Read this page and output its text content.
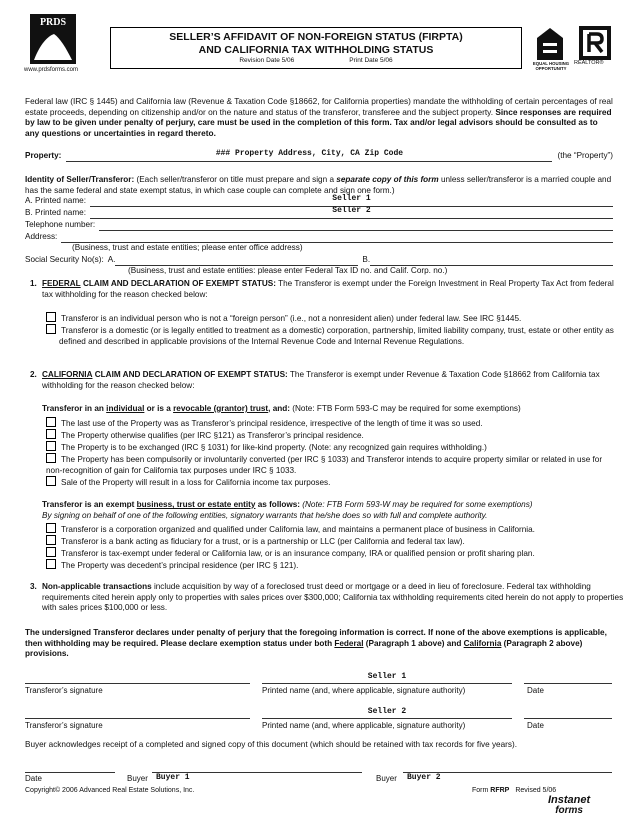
PRDS
www.prdsforms.com
SELLER’S AFFIDAVIT OF NON-FOREIGN STATUS (FIRPTA)
AND CALIFORNIA TAX WITHHOLDING STATUS
Revision Date 5/06	Print Date 5/06	EQUAL HOUSING OPPORTUNITY
REALTOR®
Federal law (IRC § 1445) and California law (Revenue & Taxation Code §18662, for California properties) mandate the withholding of certain percentages of real estate proceeds, depending on citizenship and/or on the nature and status of the transferor, transferee and the subject property. Since responses are required by law to be given under penalty of perjury, care must be used in the completion of this form. Tax and/or legal advisors should be consulted as to any questions or uncertainties in regard thereto.
Property:	### Property Address, City, CA Zip Code	(the “Property”)
Identity of Seller/Transferor: (Each seller/transferor on title must prepare and sign a separate copy of this form unless seller/transferor is a married couple and has the same federal and state exempt status, in which case couple can complete and sign one form.)
A. Printed name:	Seller 1
B. Printed name:	Seller 2
Telephone number:
Address:
(Business, trust and estate entities; please enter office address)
Social Security No(s): A.	B.
(Business, trust and estate entities: please enter Federal Tax ID no. and Calif. Corp. no.)
1. FEDERAL CLAIM AND DECLARATION OF EXEMPT STATUS: The Transferor is exempt under the Foreign Investment in Real Property Tax Act from federal tax withholding for the reason checked below:
Transferor is an individual person who is not a “foreign person” (i.e., not a nonresident alien) under federal law. See IRC §1445.
Transferor is a domestic (or is legally entitled to treatment as a domestic) corporation, partnership, limited liability company, trust, estate or other entity as defined and described in applicable provisions of the Internal Revenue Code and Internal Revenue Regulations.
2. CALIFORNIA CLAIM AND DECLARATION OF EXEMPT STATUS: The Transferor is exempt under Revenue & Taxation Code §18662 from California tax withholding for the reason checked below:
Transferor in an individual or is a revocable (grantor) trust, and: (Note: FTB Form 593-C may be required for some exemptions)
The last use of the Property was as Transferor’s principal residence, irrespective of the length of time it was so used.
The Property otherwise qualifies (per IRC §121) as Transferor’s principal residence.
The Property is to be exchanged (IRC § 1031) for like-kind property. (Note: any recognized gain requires withholding.)
The Property has been compulsorily or involuntarily converted (per IRC § 1033) and Transferor intends to acquire property similar or related in use for non-recognition of gain for California tax purposes under IRC § 1033.
Sale of the Property will result in a loss for California income tax purposes.
Transferor is an exempt business, trust or estate entity as follows: (Note: FTB Form 593-W may be required for some exemptions)
By signing on behalf of one of the following entities, signatory warrants that he/she does so with full and complete authority.
Transferor is a corporation organized and qualified under California law, and maintains a permanent place of business in California.
Transferor is a bank acting as fiduciary for a trust, or is a partnership or LLC (per California and federal tax law).
Transferor is tax-exempt under federal or California law, or is an insurance company, IRA or qualified pension or profit sharing plan.
The Property was decedent’s principal residence (per IRC § 121).
3. Non-applicable transactions include acquisition by way of a foreclosed trust deed or mortgage or a deed in lieu of foreclosure. Federal tax withholding requirements cited herein apply only to properties with sales prices over $300,000; California tax withholding requirements cited herein do not apply to properties with sales prices $100,000 or less.
The undersigned Transferor declares under penalty of perjury that the foregoing information is correct. If none of the above exemptions is applicable, then withholding may be required. Please declare exemption status under both Federal (Paragraph 1 above) and California (Paragraph 2 above) provisions.
Seller 1
Transferor’s signature	Printed name (and, where applicable, signature authority)	Date
Seller 2
Transferor’s signature	Printed name (and, where applicable, signature authority)	Date
Buyer acknowledges receipt of a completed and signed copy of this document (which should be retained with tax records for five years).
Date	Buyer Buyer 1	Buyer Buyer 2
Copyright© 2006 Advanced Real Estate Solutions, Inc.	Form RFRP Revised 5/06
Instanet
forms
